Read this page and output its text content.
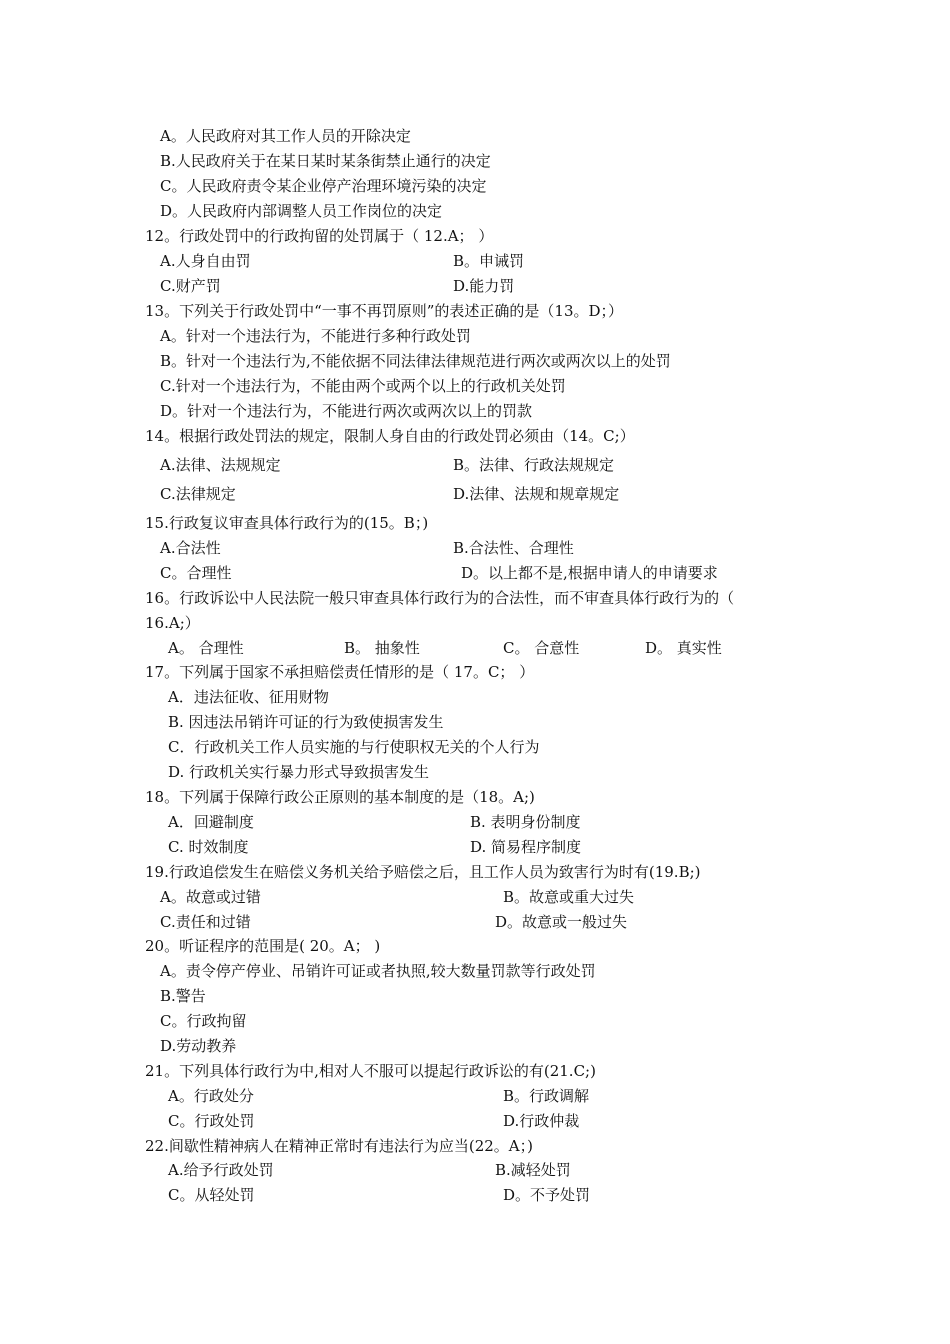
A。人民政府对其工作人员的开除决定
B.人民政府关于在某日某时某条街禁止通行的决定
C。人民政府责令某企业停产治理环境污染的决定
D。人民政府内部调整人员工作岗位的决定
12。行政处罚中的行政拘留的处罚属于（ 12.A； ）
A.人身自由罚	B。申诫罚
C.财产罚	D.能力罚
13。下列关于行政处罚中“一事不再罚原则”的表述正确的是（13。D；）
A。针对一个违法行为，不能进行多种行政处罚
B。针对一个违法行为,不能依据不同法律法律规范进行两次或两次以上的处罚
C.针对一个违法行为，不能由两个或两个以上的行政机关处罚
D。针对一个违法行为，不能进行两次或两次以上的罚款
14。根据行政处罚法的规定，限制人身自由的行政处罚必须由（14。C;）
A.法律、法规规定	B。法律、行政法规规定
C.法律规定	D.法律、法规和规章规定
15.行政复议审查具体行政行为的(15。B；)
A.合法性	B.合法性、合理性
C。合理性	D。以上都不是,根据申请人的申请要求
16。行政诉讼中人民法院一般只审查具体行政行为的合法性，而不审查具体行政行为的（
16.A;）
A。 合理性	B。 抽象性	C。 合意性	D。 真实性
17。下列属于国家不承担赔偿责任情形的是（ 17。C； ）
A．违法征收、征用财物
B. 因违法吊销许可证的行为致使损害发生
C．行政机关工作人员实施的与行使职权无关的个人行为
D. 行政机关实行暴力形式导致损害发生
18。下列属于保障行政公正原则的基本制度的是（18。A;)
A．回避制度	B. 表明身份制度
C. 时效制度	D. 简易程序制度
19.行政追偿发生在赔偿义务机关给予赔偿之后，且工作人员为致害行为时有(19.B;)
A。故意或过错	B。故意或重大过失
C.责任和过错	D。故意或一般过失
20。听证程序的范围是( 20。A； )
A。责令停产停业、吊销许可证或者执照,较大数量罚款等行政处罚
B.警告
C。行政拘留
D.劳动教养
21。下列具体行政行为中,相对人不服可以提起行政诉讼的有(21.C;)
A。行政处分	B。行政调解
C。行政处罚	D.行政仲裁
22.间歇性精神病人在精神正常时有违法行为应当(22。A；)
A.给予行政处罚	B.减轻处罚
C。从轻处罚	D。不予处罚
